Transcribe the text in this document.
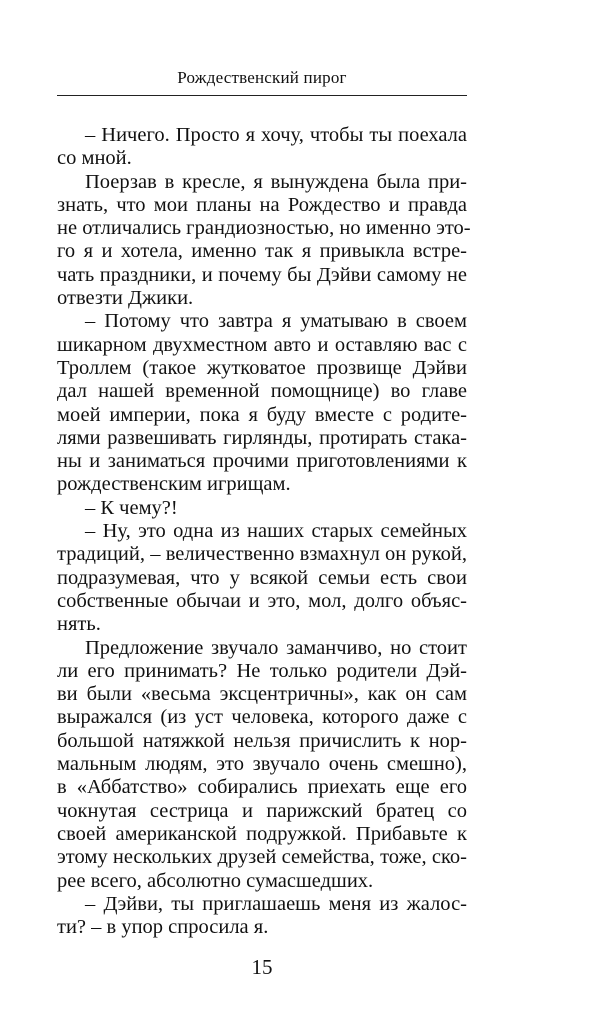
Рождественский пирог
– Ничего. Просто я хочу, чтобы ты поехала
со мной.
Поерзав в кресле, я вынуждена была при-
знать, что мои планы на Рождество и правда
не отличались грандиозностью, но именно это-
го я и хотела, именно так я привыкла встре-
чать праздники, и почему бы Дэйви самому не
отвезти Джики.
– Потому что завтра я уматываю в своем
шикарном двухместном авто и оставляю вас с
Троллем (такое жутковатое прозвище Дэйви
дал нашей временной помощнице) во главе
моей империи, пока я буду вместе с родите-
лями развешивать гирлянды, протирать стака-
ны и заниматься прочими приготовлениями к
рождественским игрищам.
– К чему?!
– Ну, это одна из наших старых семейных
традиций, – величественно взмахнул он рукой,
подразумевая, что у всякой семьи есть свои
собственные обычаи и это, мол, долго объяс-
нять.
Предложение звучало заманчиво, но стоит
ли его принимать? Не только родители Дэй-
ви были «весьма эксцентричны», как он сам
выражался (из уст человека, которого даже с
большой натяжкой нельзя причислить к нор-
мальным людям, это звучало очень смешно),
в «Аббатство» собирались приехать еще его
чокнутая сестрица и парижский братец со
своей американской подружкой. Прибавьте к
этому нескольких друзей семейства, тоже, ско-
рее всего, абсолютно сумасшедших.
– Дэйви, ты приглашаешь меня из жалос-
ти? – в упор спросила я.
15
